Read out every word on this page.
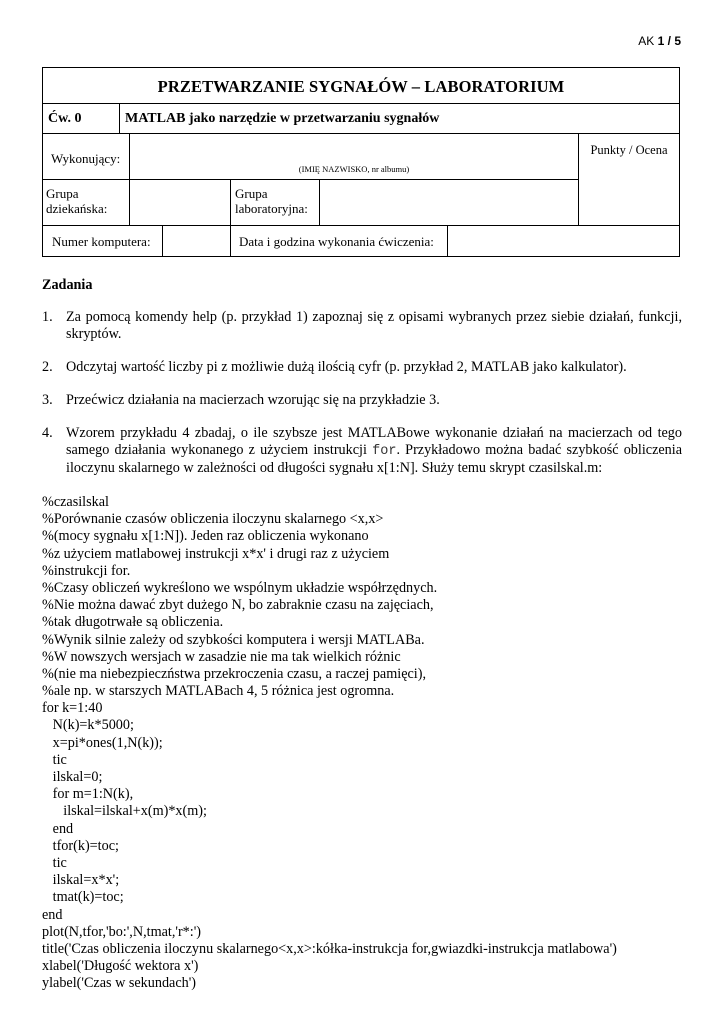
AK 1 / 5
PRZETWARZANIE SYGNAŁÓW – LABORATORIUM
Ćw. 0	MATLAB jako narzędzie w przetwarzaniu sygnałów
Wykonujący:
(IMIĘ NAZWISKO, nr albumu)
Punkty / Ocena
Grupa
dziekańska:
Grupa
laboratoryjna:
Numer komputera:	Data i godzina wykonania ćwiczenia:

Zadania

1. Za pomocą komendy help (p. przykład 1) zapoznaj się z opisami wybranych przez siebie działań, funkcji, skryptów.
2. Odczytaj wartość liczby pi z możliwie dużą ilością cyfr (p. przykład 2, MATLAB jako kalkulator).
3. Przećwicz działania na macierzach wzorując się na przykładzie 3.
4. Wzorem przykładu 4 zbadaj, o ile szybsze jest MATLABowe wykonanie działań na macierzach od tego samego działania wykonanego z użyciem instrukcji for. Przykładowo można badać szybkość obliczenia iloczynu skalarnego w zależności od długości sygnału x[1:N]. Służy temu skrypt czasilskal.m:
%czasilskal
%Porównanie czasów obliczenia iloczynu skalarnego <x,x>
%(mocy sygnału x[1:N]). Jeden raz obliczenia wykonano
%z użyciem matlabowej instrukcji x*x' i drugi raz z użyciem
%instrukcji for.
%Czasy obliczeń wykreślono we wspólnym układzie współrzędnych.
%Nie można dawać zbyt dużego N, bo zabraknie czasu na zajęciach,
%tak długotrwałe są obliczenia.
%Wynik silnie zależy od szybkości komputera i wersji MATLABa.
%W nowszych wersjach w zasadzie nie ma tak wielkich różnic
%(nie ma niebezpieczństwa przekroczenia czasu, a raczej pamięci),
%ale np. w starszych MATLABach 4, 5 różnica jest ogromna.
for k=1:40
N(k)=k*5000;
x=pi*ones(1,N(k));
tic
ilskal=0;
for m=1:N(k),
ilskal=ilskal+x(m)*x(m);
end
tfor(k)=toc;
tic
ilskal=x*x';
tmat(k)=toc;
end
plot(N,tfor,'bo:',N,tmat,'r*:')
title('Czas obliczenia iloczynu skalarnego<x,x>:kółka-instrukcja for,gwiazdki-instrukcja matlabowa')
xlabel('Długość wektora x')
ylabel('Czas w sekundach')
